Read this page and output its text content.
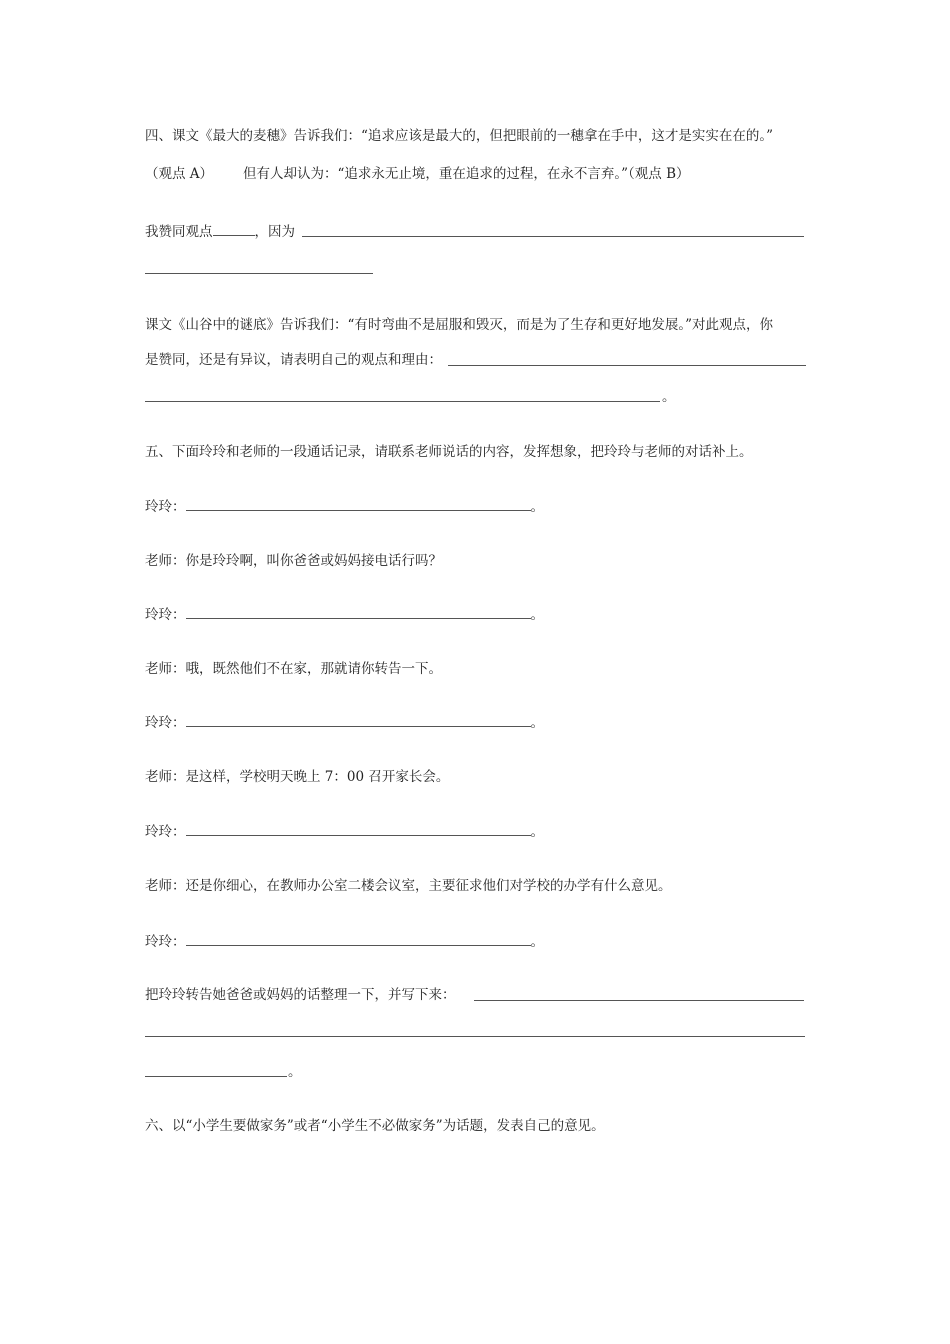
四、课文《最大的麦穗》告诉我们：“追求应该是最大的，但把眼前的一穗拿在手中，这才是实实在在的。”
（观点 A）	但有人却认为：“追求永无止境，重在追求的过程，在永不言弃。”（观点 B）
我赞同观点	，因为
课文《山谷中的谜底》告诉我们：“有时弯曲不是屈服和毁灭，而是为了生存和更好地发展。”对此观点，你
是赞同，还是有异议，请表明自己的观点和理由：
。
五、下面玲玲和老师的一段通话记录，请联系老师说话的内容，发挥想象，把玲玲与老师的对话补上。
玲玲：	。
老师：你是玲玲啊，叫你爸爸或妈妈接电话行吗？
玲玲：	。
老师：哦，既然他们不在家，那就请你转告一下。
玲玲：	。
老师：是这样，学校明天晚上 7：00 召开家长会。
玲玲：	。
老师：还是你细心，在教师办公室二楼会议室，主要征求他们对学校的办学有什么意见。
玲玲：	。
把玲玲转告她爸爸或妈妈的话整理一下，并写下来：
。
六、以“小学生要做家务”或者“小学生不必做家务”为话题，发表自己的意见。
